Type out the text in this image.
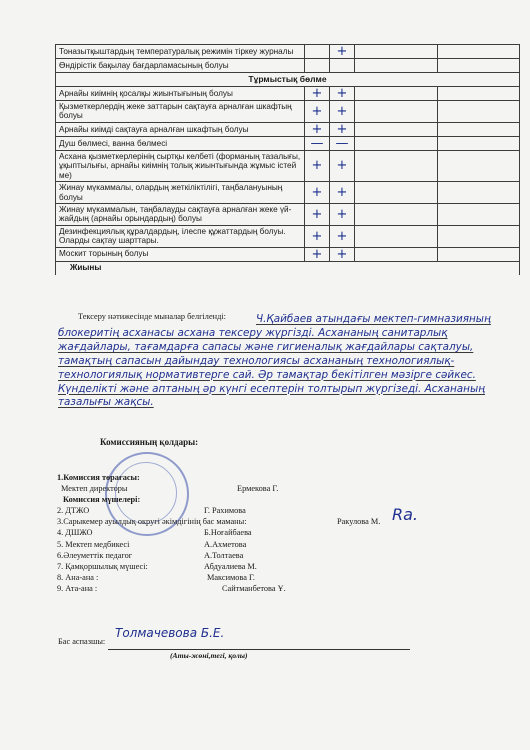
Тоназытқыштардың температуралық режимін тіркеу журналы		+		
Өндірістік бақылау бағдарламасының болуы				
Тұрмыстық бөлме				
Арнайы киімнің қосалқы жиынтығының болуы	+	+		
Қызметкерлердің жеке заттарын сақтауға арналған шкафтың болуы	+	+		
Арнайы киімді сақтауға арналған шкафтың болуы	+	+		
Душ бөлмесі, ванна бөлмесі	—	—		
Асхана қызметкерлерінің сыртқы келбеті (форманың тазалығы, ұқыптылығы, арнайы киімнің толық жиынтығында жұмыс істей ме)	+	+		
Жинау мүкаммалы, олардың жеткіліктілігі, таңбалануының болуы	+	+		
Жинау мүкаммалын, таңбалауды сақтауға арналған жеке үй-жайдың (арнайы орындардың) болуы	+	+		
Дезинфекциялық құралдардың, ілеспе құжаттардың болуы. Оларды сақтау шарттары.	+	+		
Москит торының болуы	+	+		
Жиыны				
Тексеру нәтижесінде мыналар белгіленді:	Ч.Қайбаев атындағы мектеп-гимназияның блокеритің асханасы асхана тексеру жүргізді. Асхананың санитарлық жағдайлары, тағамдарға сапасы және гигиеналық жағдайлары сақталуы, тамақтың сапасын дайындау технологиясы асхананың технологиялық-технологиялық нормативтерге сай. Әр тамақтар бекітілген мәзірге сәйкес. Күнделікті және аптаның әр күнгі есептерін толтырып жүргізеді. Асхананың тазалығы жақсы.
Комиссияның қолдары:
1.Комиссия төрағасы:
Мектеп директоры	Ермекова Г.
Комиссия мүшелері:
2. ДТЖО	Г. Рахимова
3.Сарыкемер ауылдық округі әкімдігінің бас маманы:	Ракулова М.
4. ДШЖО	Б.Ноғайбаева
5. Мектеп медбикесі	А.Ахметова
6.Әлеуметтік педагог	А.Толтаева
7. Қамқоршылық мүшесі:	Абдуалиева М.
8. Ана-ана :	Максимова Г.
9. Ата-ана :	Сайтманбетова Ұ.
Ra.
Бас аспазшы:
Толмачевова Б.Е.
(Аты-жөні,тегі, қолы)
